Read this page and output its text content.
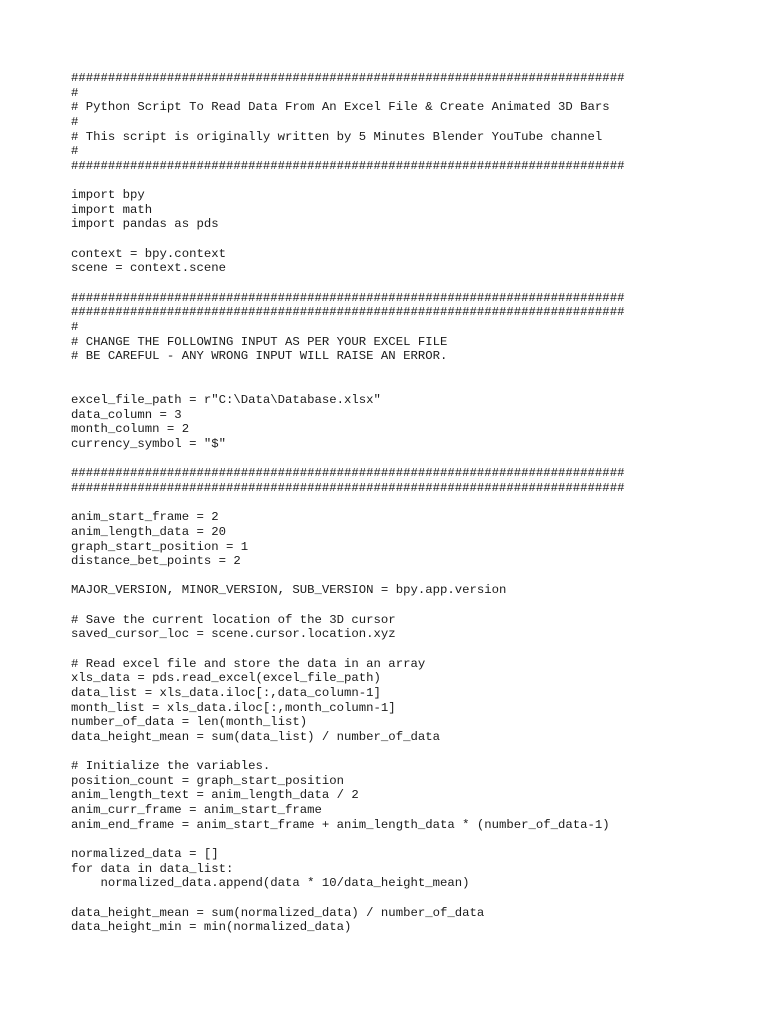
###########################################################################
#
# Python Script To Read Data From An Excel File & Create Animated 3D Bars
#
# This script is originally written by 5 Minutes Blender YouTube channel
#
###########################################################################
import bpy
import math
import pandas as pds
context = bpy.context
scene = context.scene
###########################################################################
###########################################################################
#
# CHANGE THE FOLLOWING INPUT AS PER YOUR EXCEL FILE
# BE CAREFUL - ANY WRONG INPUT WILL RAISE AN ERROR.
excel_file_path = r"C:\Data\Database.xlsx"
data_column = 3
month_column = 2
currency_symbol = "$"
###########################################################################
###########################################################################
anim_start_frame = 2
anim_length_data = 20
graph_start_position = 1
distance_bet_points = 2
MAJOR_VERSION, MINOR_VERSION, SUB_VERSION = bpy.app.version
# Save the current location of the 3D cursor
saved_cursor_loc = scene.cursor.location.xyz
# Read excel file and store the data in an array
xls_data = pds.read_excel(excel_file_path)
data_list = xls_data.iloc[:,data_column-1]
month_list = xls_data.iloc[:,month_column-1]
number_of_data = len(month_list)
data_height_mean = sum(data_list) / number_of_data
# Initialize the variables.
position_count = graph_start_position
anim_length_text = anim_length_data / 2
anim_curr_frame = anim_start_frame
anim_end_frame = anim_start_frame + anim_length_data * (number_of_data-1)
normalized_data = []
for data in data_list:
normalized_data.append(data * 10/data_height_mean)
data_height_mean = sum(normalized_data) / number_of_data
data_height_min = min(normalized_data)
